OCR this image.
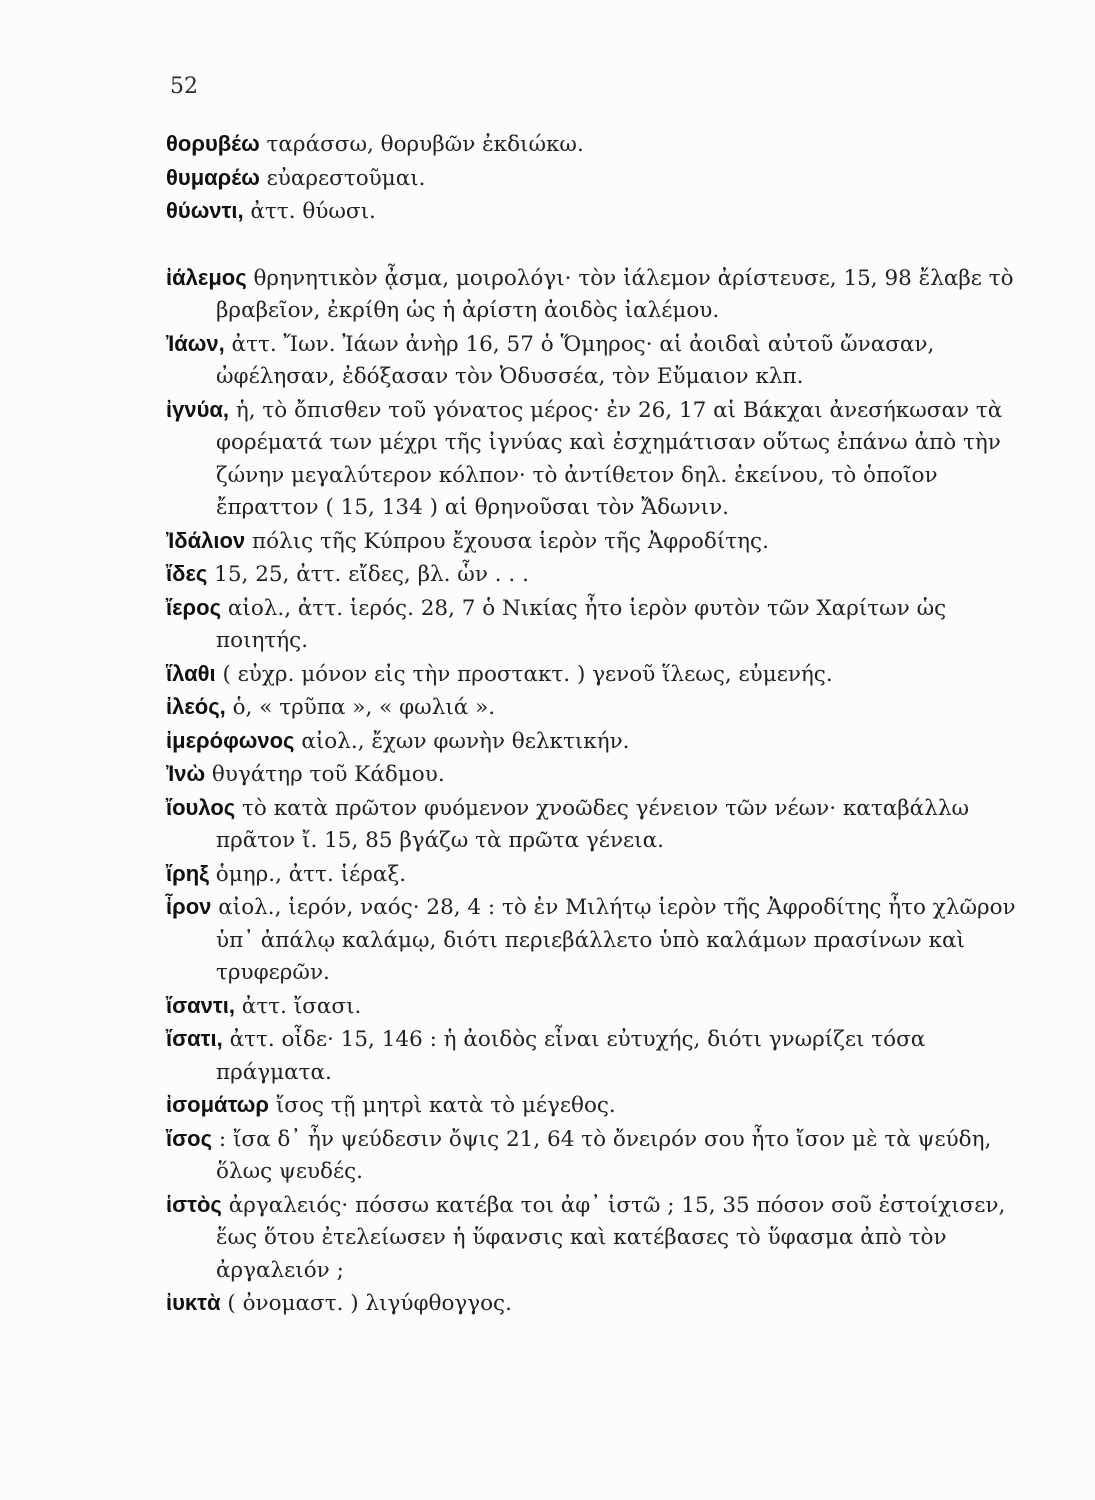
52
θορυβέω ταράσσω, θορυβῶν ἐκδιώκω.
θυμαρέω εὐαρεστοῦμαι.
θύωντι, ἀττ. θύωσι.
ἰάλεμος θρηνητικὸν ᾆσμα, μοιρολόγι· τὸν ἰάλεμον ἀρίστευσε, 15, 98 ἔλαβε τὸ βραβεῖον, ἐκρίθη ὡς ἡ ἀρίστη ἀοιδὸς ἰαλέμου.
Ἰάων, ἀττ. Ἴων. Ἰάων ἀνὴρ 16, 57 ὁ Ὅμηρος· αἱ ἀοιδαὶ αὐτοῦ ὤνασαν, ὠφέλησαν, ἐδόξασαν τὸν Ὀδυσσέα, τὸν Εὔμαιον κλπ.
ἰγνύα, ἡ, τὸ ὄπισθεν τοῦ γόνατος μέρος· ἐν 26, 17 αἱ Βάκχαι ἀνεσήκωσαν τὰ φορέματά των μέχρι τῆς ἰγνύας καὶ ἐσχημάτισαν οὕτως ἐπάνω ἀπὸ τὴν ζώνην μεγαλύτερον κόλπον· τὸ ἀντίθετον δηλ. ἐκείνου, τὸ ὁποῖον ἔπραττον ( 15, 134 ) αἱ θρηνοῦσαι τὸν Ἄδωνιν.
Ἰδάλιον πόλις τῆς Κύπρου ἔχουσα ἱερὸν τῆς Ἀφροδίτης.
ἴδες 15, 25, ἀττ. εἴδες, βλ. ὧν . . .
ἴερος αἰολ., ἀττ. ἱερός. 28, 7 ὁ Νικίας ἦτο ἱερὸν φυτὸν τῶν Χαρίτων ὡς ποιητής.
ἵλαθι ( εὐχρ. μόνον εἰς τὴν προστακτ. ) γενοῦ ἵλεως, εὐμενής.
ἰλεός, ὁ, « τρῦπα », « φωλιά ».
ἰμερόφωνος αἰολ., ἔχων φωνὴν θελκτικήν.
Ἰνὼ θυγάτηρ τοῦ Κάδμου.
ἴουλος τὸ κατὰ πρῶτον φυόμενον χνοῶδες γένειον τῶν νέων· καταβάλλω πρᾶτον ἴ. 15, 85 βγάζω τὰ πρῶτα γένεια.
ἴρηξ ὁμηρ., ἀττ. ἱέραξ.
ἶρον αἰολ., ἱερόν, ναός· 28, 4 : τὸ ἐν Μιλήτῳ ἱερὸν τῆς Ἀφροδίτης ἦτο χλῶρον ὑπ᾽ ἀπάλῳ καλάμῳ, διότι περιεβάλλετο ὑπὸ καλάμων πρασίνων καὶ τρυφερῶν.
ἴσαντι, ἀττ. ἴσασι.
ἴσατι, ἀττ. οἶδε· 15, 146 : ἡ ἀοιδὸς εἶναι εὐτυχής, διότι γνωρίζει τόσα πράγματα.
ἰσομάτωρ ἴσος τῇ μητρὶ κατὰ τὸ μέγεθος.
ἴσος : ἴσα δ᾽ ἦν ψεύδεσιν ὄψις 21, 64 τὸ ὄνειρόν σου ἦτο ἴσον μὲ τὰ ψεύδη, ὅλως ψευδές.
ἱστὸς ἀργαλειός· πόσσω κατέβα τοι ἀφ᾽ ἱστῶ ; 15, 35 πόσον σοῦ ἐστοίχισεν, ἕως ὅτου ἐτελείωσεν ἡ ὕφανσις καὶ κατέβασες τὸ ὕφασμα ἀπὸ τὸν ἀργαλειόν ;
ἰυκτὰ ( ὀνομαστ. ) λιγύφθογγος.
